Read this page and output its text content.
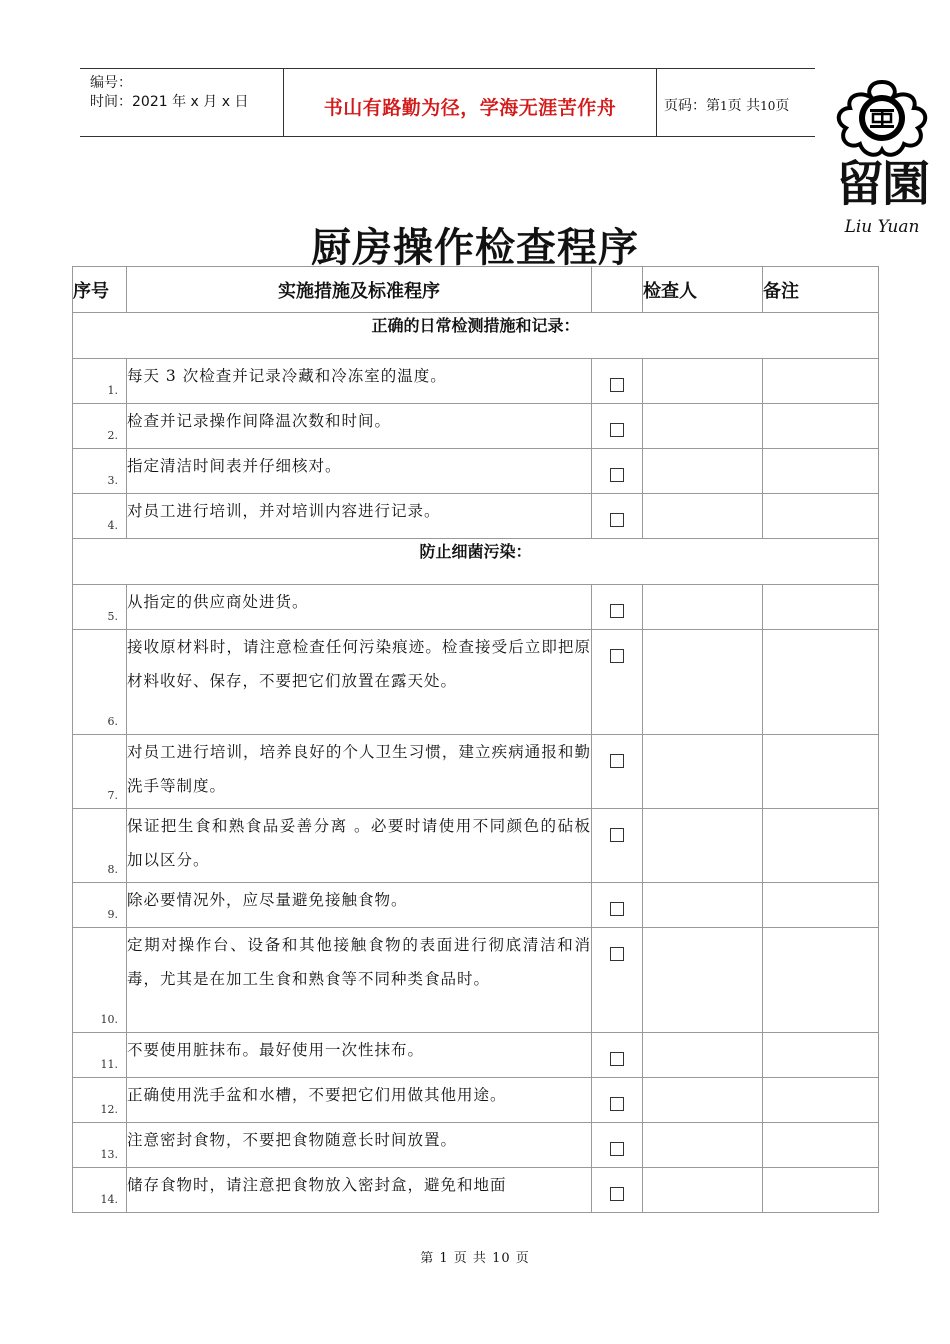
编号：
时间：2021 年 x 月 x 日	书山有路勤为径，学海无涯苦作舟	页码：第1页 共10页
留園
Liu Yuan
厨房操作检查程序
序号	实施措施及标准程序		检查人	备注
正确的日常检测措施和记录：				

1.	每天 3 次检查并记录冷藏和冷冻室的温度。			

2.	检查并记录操作间降温次数和时间。			

3.	指定清洁时间表并仔细核对。			

4.	对员工进行培训，并对培训内容进行记录。			
防止细菌污染：				

5.	从指定的供应商处进货。			

6.	接收原材料时，请注意检查任何污染痕迹。检查接受后立即把原材料收好、保存，不要把它们放置在露天处。			

7.	对员工进行培训，培养良好的个人卫生习惯，建立疾病通报和勤洗手等制度。			

8.	保证把生食和熟食品妥善分离 。必要时请使用不同颜色的砧板加以区分。			

9.	除必要情况外，应尽量避免接触食物。			

10.	定期对操作台、设备和其他接触食物的表面进行彻底清洁和消毒，尤其是在加工生食和熟食等不同种类食品时。			

11.	不要使用脏抹布。最好使用一次性抹布。			

12.	正确使用洗手盆和水槽，不要把它们用做其他用途。			

13.	注意密封食物，不要把食物随意长时间放置。			

14.	储存食物时，请注意把食物放入密封盒，避免和地面			
第 1 页 共 10 页
